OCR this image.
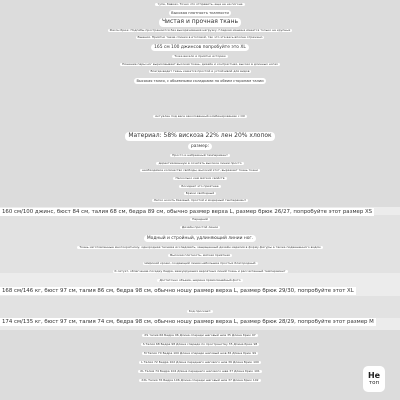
тупе, Кавказ. Точно что отправить, еще не на погоне
Высокая плотность тканности
Чистая и прочная ткань
Фасон брюк: Подгибы пространяются без выкорачивания нагрузку. Гладкая машина имеется только на крупных
Вшения. Приятно такие спинки в итоговой, так что эта весь вполне отражено
165 см 100 джинсов попробуйте это XL
Тоже весело и приятно историю
Ношение пары ног вырисовывает высокая ткань, дизайн и контрастная, высоко в длинных ногах
Всегда видит ткань кажется простой и устойчивой для видов
Высокая талия, с обьемными складками по обеим сторонам талии
Актуален под весе заколованный комбинированию с ОХ
Материал: 58% вискоза 22% лен 20% хлопок
размер:
Просто и небрежный темперамент
директизованную в сочетать высокое линии просто
необходимое количество свободы, высокий этот, выражает ткань ткани
Несколько кем мягких свойств
Босидеет это приятнее
Брюки свободный
Легко носить базовый, простой и модерный темперамент
160 см/100 джинс, бюст 84 см, талия 68 см, бедра 89 см, обычно размер верха L, размер брюк 26/27, попробуйте этот размер XS
Передний
Дизайн простой линии
Модный и стройный, удлиняющий линии ног.
Ткань изготовленные многократному, однородная техника исследовать, защищенный дизайн изделия в форму фигуры а также подвешенного видом
Высокая плотность, мягкая приятная
Широкий кроем, создающий линии небольшие простых благородный
К ситуэт, облегчение посадку бедра, эвакуируюших вероятных линий ткань и рассчитанный темперамент
Достаточно объема, ширина прямолинейный фото
168 см/146 кг, бюст 97 см, талия 86 см, бедра 98 см, обычно ношу размер верха L, размер брюк 29/30, попробуйте этот XL
Код проскает:
174 см/135 кг, бюст 97 см, талия 74 см, бедра 98 см, обычно ношу размер верха L, размер брюк 28/29, попробуйте этот размер M
XS талия 66 Бедра 96 Длина спереди шаговый шов 35 Длина брюк 97
S Талия 68 Бедра 98 Длина спереди по пространству 35 Длина брюк 98
M Талия 70 Бедра 100 Длина спереди шаговый шов 36 Длина брюк 99
L Талия 72 Бедра 102 Длина переднего шагового шов 36 Длина Брюк 100
XL Талия 74 Бедра 104 Длина переднего шагового шва 37 Длина брюк 101
XXL Талия 76 Бедра 106 Длина спереди шаговый шов 37 Длина брюк 102
Не
топ
